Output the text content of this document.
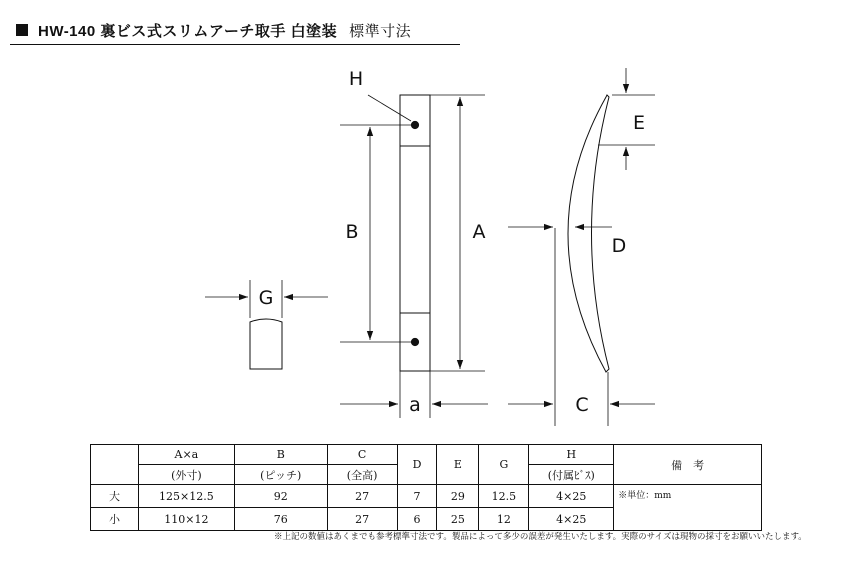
HW-140 裏ビス式スリムアーチ取手 白塗装 標準寸法
H
B	A
a
E
D
C
G
	A×a	B	C	D	E	G	H	備　考
	(外寸)	(ピッチ)	(全高)				(付属ﾋﾞｽ)	
大	125×12.5	92	27	7	29	12.5	4×25	※単位：mm
小	110×12	76	27	6	25	12	4×25	
※上記の数値はあくまでも参考標準寸法です。製品によって多少の誤差が発生いたします。実際のサイズは現物の採寸をお願いいたします。
